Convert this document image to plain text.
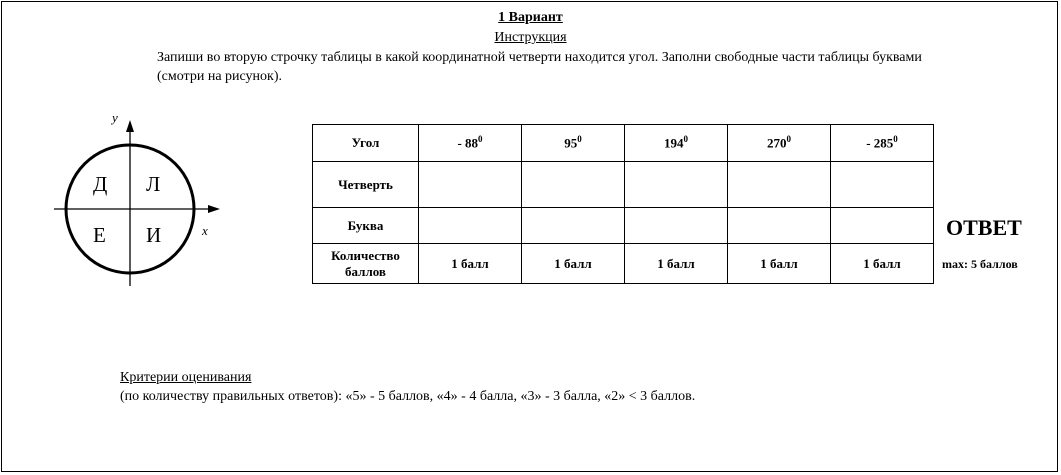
1 Вариант
Инструкция
Запиши во вторую строчку таблицы в какой координатной четверти находится угол. Заполни свободные части таблицы буквами (смотри на рисунок).
y
x
Д Л
Е И
Угол	- $88^0$	$95^0$	$194^0$	$270^0$	- $285^0$
Четверть					
Буква					
Количество баллов	1 балл	1 балл	1 балл	1 балл	1 балл
ОТВЕТ
max: 5 баллов
Критерии оценивания
(по количеству правильных ответов): «5» - 5 баллов, «4» - 4 балла, «3» - 3 балла, «2» < 3 баллов.
